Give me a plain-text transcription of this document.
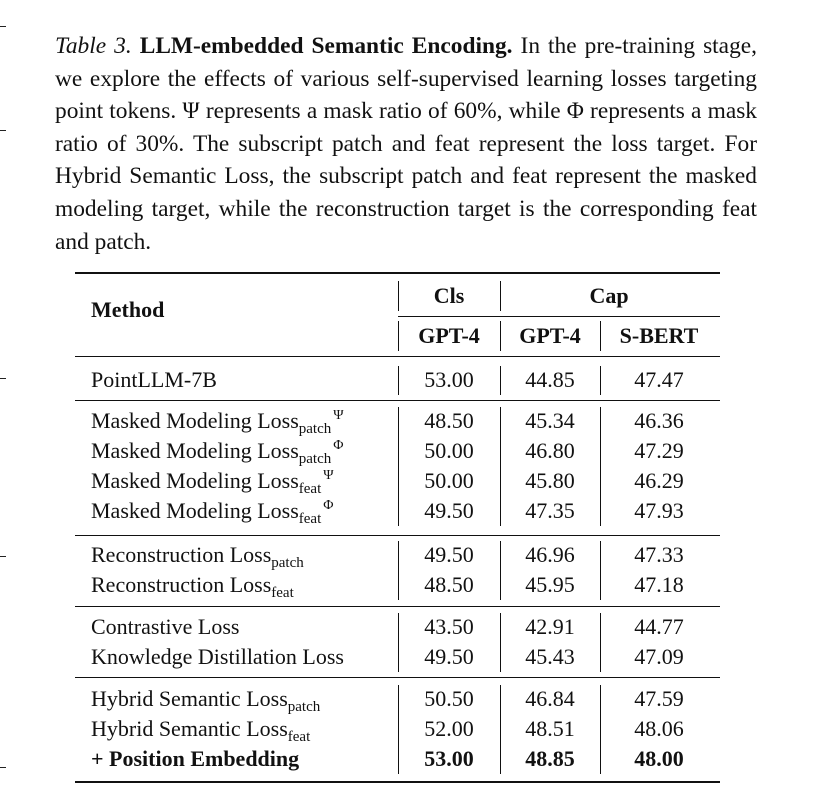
Table 3. LLM-embedded Semantic Encoding. In the pre-training stage, we explore the effects of various self-supervised learning losses targeting point tokens. Ψ represents a mask ratio of 60%, while Φ represents a mask ratio of 30%. The subscript patch and feat represent the loss target. For Hybrid Semantic Loss, the subscript patch and feat represent the masked modeling target, while the reconstruction target is the corresponding feat and patch.
Method
Cls	Cap
GPT-4 GPT-4 S-BERT
PointLLM-7B	53.00 44.85	47.47
Masked Modeling Loss$_{patch}^\Psi$	48.50 45.34	46.36
Masked Modeling Loss$_{patch}^\Phi$	50.00 46.80	47.29
Masked Modeling Loss$_{feat}^\Psi$	50.00 45.80	46.29
Masked Modeling Loss$_{feat}^\Phi$	49.50 47.35	47.93
Reconstruction Loss$_{patch}$	49.50 46.96	47.33
Reconstruction Loss$_{feat}$	48.50 45.95	47.18
Contrastive Loss	43.50 42.91	44.77
Knowledge Distillation Loss	49.50 45.43	47.09
Hybrid Semantic Loss$_{patch}$	50.50 46.84	47.59
Hybrid Semantic Loss$_{feat}$	52.00 48.51	48.06
+ Position Embedding	53.00 48.85	48.00
